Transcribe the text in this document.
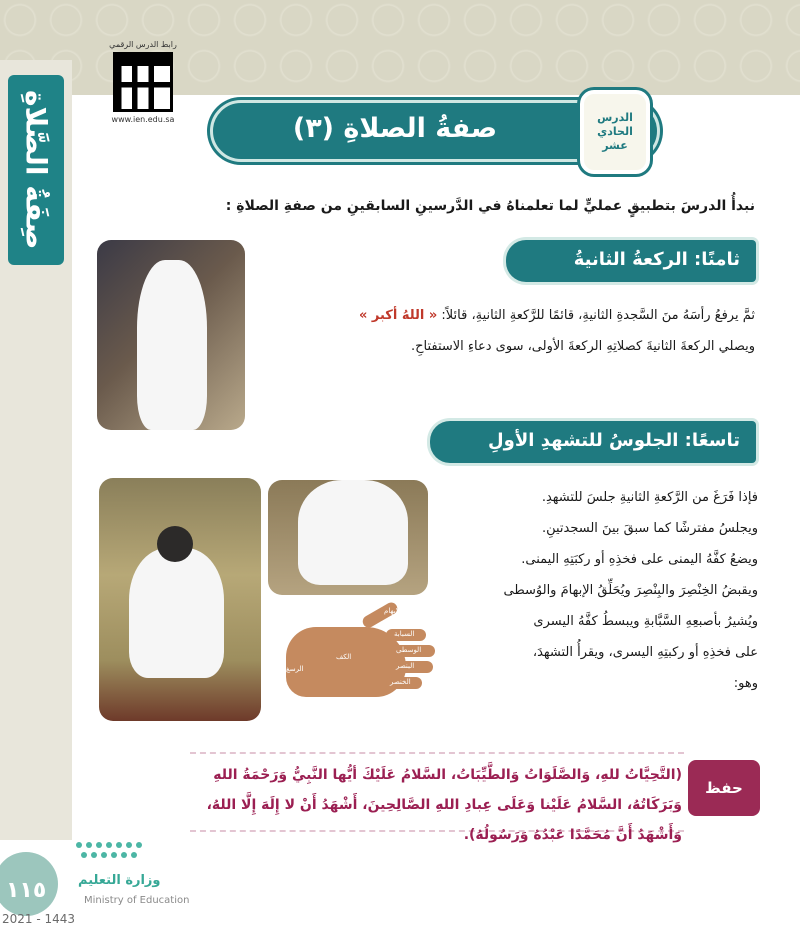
صِفَةُ الصَّلاةِ
رابط الدرس الرقمي
www.ien.edu.sa	صفةُ الصلاةِ (٣)	الدرس
الحادي
عشر
نبدأُ الدرسَ بتطبيقٍ عمليٍّ لما تعلمناهُ في الدَّرسينِ السابقينِ من صفةِ الصلاةِ :
ثامنًا: الركعةُ الثانيةُ
ثمَّ يرفعُ رأسَهُ منَ السَّجدةِ الثانيةِ، قائمًا للرَّكعةِ الثانيةِ، قائلاً: « اللهُ أكبر »
ويصلي الركعةَ الثانيةَ كصلاتِهِ الركعةَ الأولى، سوى دعاءِ الاستفتاحِ.
تاسعًا: الجلوسُ للتشهدِ الأولِ
فإذا فَرَغَ من الرَّكعةِ الثانيةِ جلسَ للتشهدِ.
ويجلسُ مفترشًا كما سبقَ بينَ السجدتينِ.
ويضعُ كفَّهُ اليمنى على فخذِهِ أو ركبَتِهِ اليمنى.
ويقبضُ الخِنْصِرَ والبِنْصِرَ ويُحَلِّقُ الإبهامَ والوُسطى
ويُشيرُ بأصبعِهِ السَّبَّابةِ ويبسطُ كفَّهُ اليسرى
على فخذِهِ أو ركبتِهِ اليسرى، ويقرأُ التشهدَ،
وهو:
الإبهام
السبابة
الوسطى
البنصر
الخنصر
الكف
الرسغ
حفظ
(التَّحِيَّاتُ للهِ، وَالصَّلَوَاتُ وَالطَّيِّبَاتُ، السَّلامُ عَلَيْكَ أيُّها النَّبِيُّ وَرَحْمَةُ اللهِ وَبَرَكَاتُهُ، السَّلامُ عَلَيْنا وَعَلَى عِبادِ اللهِ الصَّالِحِينَ، أَشْهَدُ أَنْ لا إِلَهَ إِلَّا اللهُ، وَأَشْهَدُ أَنَّ مُحَمَّدًا عَبْدُهُ وَرَسُولُهُ).
وزارة التعليم
Ministry of Education
١١٥
2021 - 1443
